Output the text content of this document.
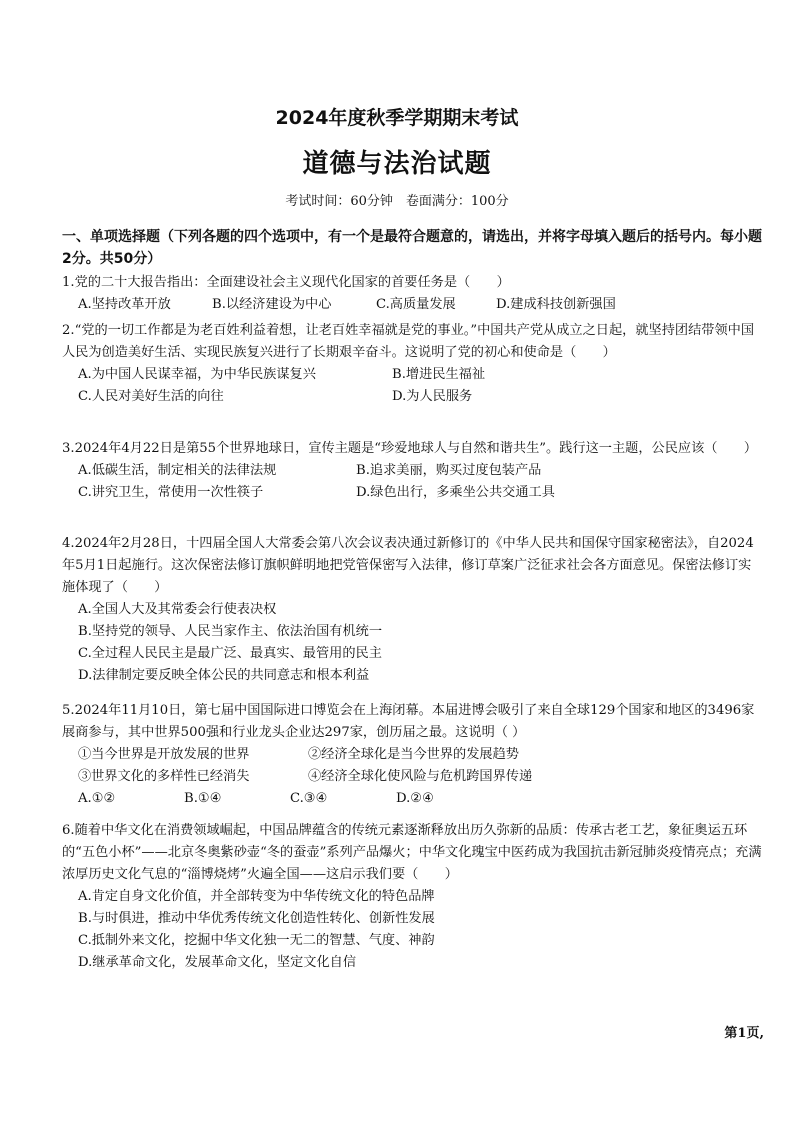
2024年度秋季学期期末考试
道德与法治试题
考试时间：60分钟　卷面满分：100分
一、单项选择题（下列各题的四个选项中，有一个是最符合题意的，请选出，并将字母填入题后的括号内。每小题2分。共50分）
1.党的二十大报告指出：全面建设社会主义现代化国家的首要任务是（　　）
A.坚持改革开放	B.以经济建设为中心	C.高质量发展	D.建成科技创新强国
2.“党的一切工作都是为老百姓利益着想，让老百姓幸福就是党的事业。”中国共产党从成立之日起，就坚持团结带领中国人民为创造美好生活、实现民族复兴进行了长期艰辛奋斗。这说明了党的初心和使命是（　　）
A.为中国人民谋幸福，为中华民族谋复兴	B.增进民生福祉
C.人民对美好生活的向往	D.为人民服务
3.2024年4月22日是第55个世界地球日，宣传主题是“珍爱地球人与自然和谐共生”。践行这一主题，公民应该（　　）
A.低碳生活，制定相关的法律法规	B.追求美丽，购买过度包装产品
C.讲究卫生，常使用一次性筷子	D.绿色出行，多乘坐公共交通工具
4.2024年2月28日，十四届全国人大常委会第八次会议表决通过新修订的《中华人民共和国保守国家秘密法》，自2024年5月1日起施行。这次保密法修订旗帜鲜明地把党管保密写入法律，修订草案广泛征求社会各方面意见。保密法修订实施体现了（　　）
A.全国人大及其常委会行使表决权
B.坚持党的领导、人民当家作主、依法治国有机统一
C.全过程人民民主是最广泛、最真实、最管用的民主
D.法律制定要反映全体公民的共同意志和根本利益
5.2024年11月10日，第七届中国国际进口博览会在上海闭幕。本届进博会吸引了来自全球129个国家和地区的3496家展商参与，其中世界500强和行业龙头企业达297家，创历届之最。这说明（ ）
①当今世界是开放发展的世界	②经济全球化是当今世界的发展趋势
③世界文化的多样性已经消失	④经济全球化使风险与危机跨国界传递
A.①②	B.①④	C.③④	D.②④
6.随着中华文化在消费领域崛起，中国品牌蕴含的传统元素逐渐释放出历久弥新的品质：传承古老工艺，象征奥运五环的“五色小杯”——北京冬奥紫砂壶“冬的蚕壶”系列产品爆火；中华文化瑰宝中医药成为我国抗击新冠肺炎疫情亮点；充满浓厚历史文化气息的“淄博烧烤”火遍全国——这启示我们要（　　）
A.肯定自身文化价值，并全部转变为中华传统文化的特色品牌
B.与时俱进，推动中华优秀传统文化创造性转化、创新性发展
C.抵制外来文化，挖掘中华文化独一无二的智慧、气度、神韵
D.继承革命文化，发展革命文化，坚定文化自信
第1页,
